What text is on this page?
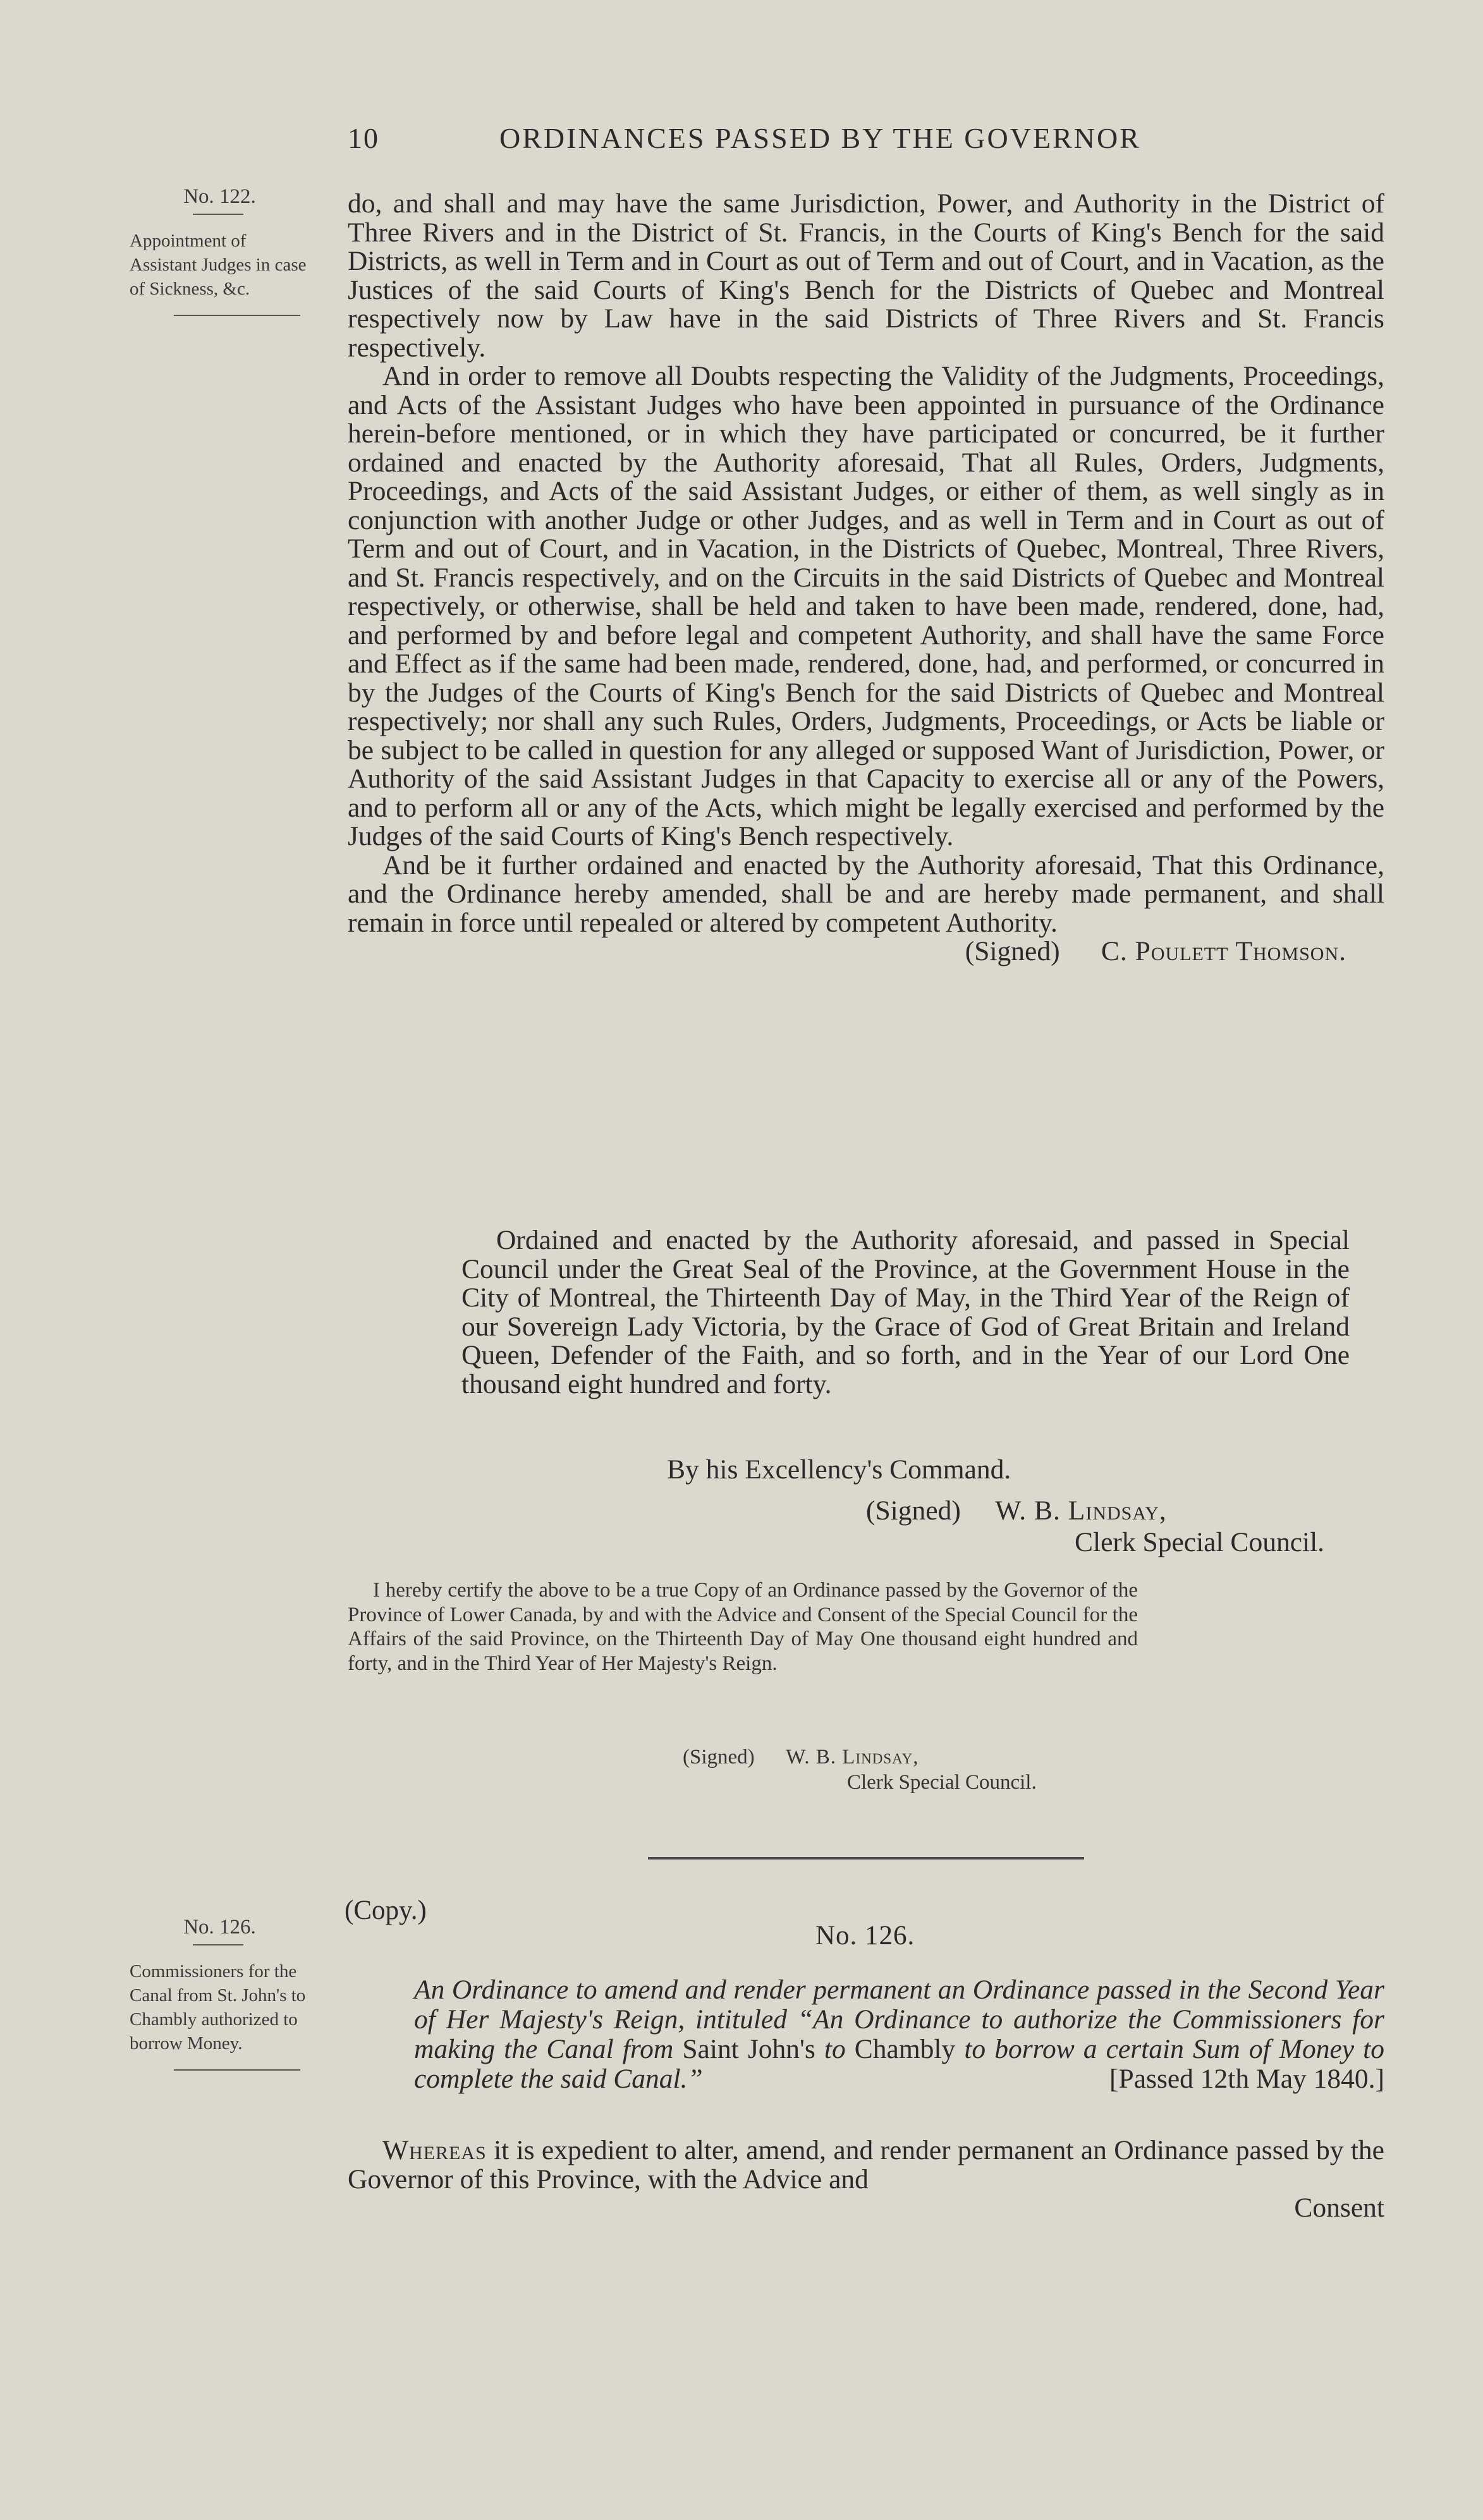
10	ORDINANCES PASSED BY THE GOVERNOR
No. 122.
Appointment of Assistant Judges in case of Sickness, &c.

do, and shall and may have the same Jurisdiction, Power, and Authority in the District of Three Rivers and in the District of St. Francis, in the Courts of King's Bench for the said Districts, as well in Term and in Court as out of Term and out of Court, and in Vacation, as the Justices of the said Courts of King's Bench for the Districts of Quebec and Montreal respectively now by Law have in the said Districts of Three Rivers and St. Francis respectively.

And in order to remove all Doubts respecting the Validity of the Judgments, Proceedings, and Acts of the Assistant Judges who have been appointed in pursuance of the Ordinance herein-before mentioned, or in which they have participated or concurred, be it further ordained and enacted by the Authority aforesaid, That all Rules, Orders, Judgments, Proceedings, and Acts of the said Assistant Judges, or either of them, as well singly as in conjunction with another Judge or other Judges, and as well in Term and in Court as out of Term and out of Court, and in Vacation, in the Districts of Quebec, Montreal, Three Rivers, and St. Francis respectively, and on the Circuits in the said Districts of Quebec and Montreal respectively, or otherwise, shall be held and taken to have been made, rendered, done, had, and performed by and before legal and competent Authority, and shall have the same Force and Effect as if the same had been made, rendered, done, had, and performed, or concurred in by the Judges of the Courts of King's Bench for the said Districts of Quebec and Montreal respectively; nor shall any such Rules, Orders, Judgments, Proceedings, or Acts be liable or be subject to be called in question for any alleged or supposed Want of Jurisdiction, Power, or Authority of the said Assistant Judges in that Capacity to exercise all or any of the Powers, and to perform all or any of the Acts, which might be legally exercised and performed by the Judges of the said Courts of King's Bench respectively.

And be it further ordained and enacted by the Authority aforesaid, That this Ordinance, and the Ordinance hereby amended, shall be and are hereby made permanent, and shall remain in force until repealed or altered by competent Authority.

(Signed) C. Poulett Thomson.

Ordained and enacted by the Authority aforesaid, and passed in Special Council under the Great Seal of the Province, at the Government House in the City of Montreal, the Thirteenth Day of May, in the Third Year of the Reign of our Sovereign Lady Victoria, by the Grace of God of Great Britain and Ireland Queen, Defender of the Faith, and so forth, and in the Year of our Lord One thousand eight hundred and forty.

By his Excellency's Command.
(Signed) W. B. Lindsay,
Clerk Special Council.

I hereby certify the above to be a true Copy of an Ordinance passed by the Governor of the Province of Lower Canada, by and with the Advice and Consent of the Special Council for the Affairs of the said Province, on the Thirteenth Day of May One thousand eight hundred and forty, and in the Third Year of Her Majesty's Reign.

(Signed) W. B. Lindsay,
Clerk Special Council.
No. 126.
Commissioners for the Canal from St. John's to Chambly authorized to borrow Money.
(Copy.)
No. 126.
An Ordinance to amend and render permanent an Ordinance passed in the Second Year of Her Majesty's Reign, intituled “An Ordinance to authorize the Commissioners for making the Canal from Saint John's to Chambly to borrow a certain Sum of Money to complete the said Canal.”	[Passed 12th May 1840.]

Whereas it is expedient to alter, amend, and render permanent an Ordinance passed by the Governor of this Province, with the Advice and

Consent
